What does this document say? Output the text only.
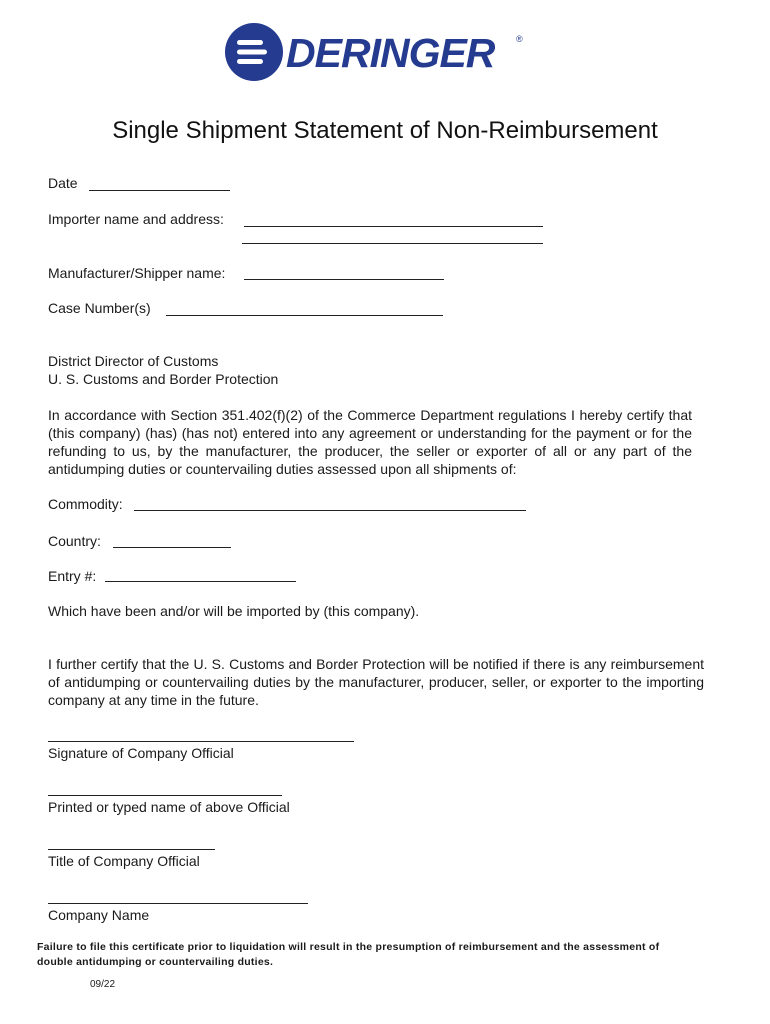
DERINGER ®
Single Shipment Statement of Non-Reimbursement
Date
Importer name and address:
Manufacturer/Shipper name:
Case Number(s)
District Director of Customs
U. S. Customs and Border Protection
In accordance with Section 351.402(f)(2) of the Commerce Department regulations I hereby certify that (this company) (has) (has not) entered into any agreement or understanding for the payment or for the refunding to us, by the manufacturer, the producer, the seller or exporter of all or any part of the antidumping duties or countervailing duties assessed upon all shipments of:
Commodity:
Country:
Entry #:
Which have been and/or will be imported by (this company).
I further certify that the U. S. Customs and Border Protection will be notified if there is any reimbursement of antidumping or countervailing duties by the manufacturer, producer, seller, or exporter to the importing company at any time in the future.
Signature of Company Official
Printed or typed name of above Official
Title of Company Official
Company Name
Failure to file this certificate prior to liquidation will result in the presumption of reimbursement and the assessment of
double antidumping or countervailing duties.
09/22
